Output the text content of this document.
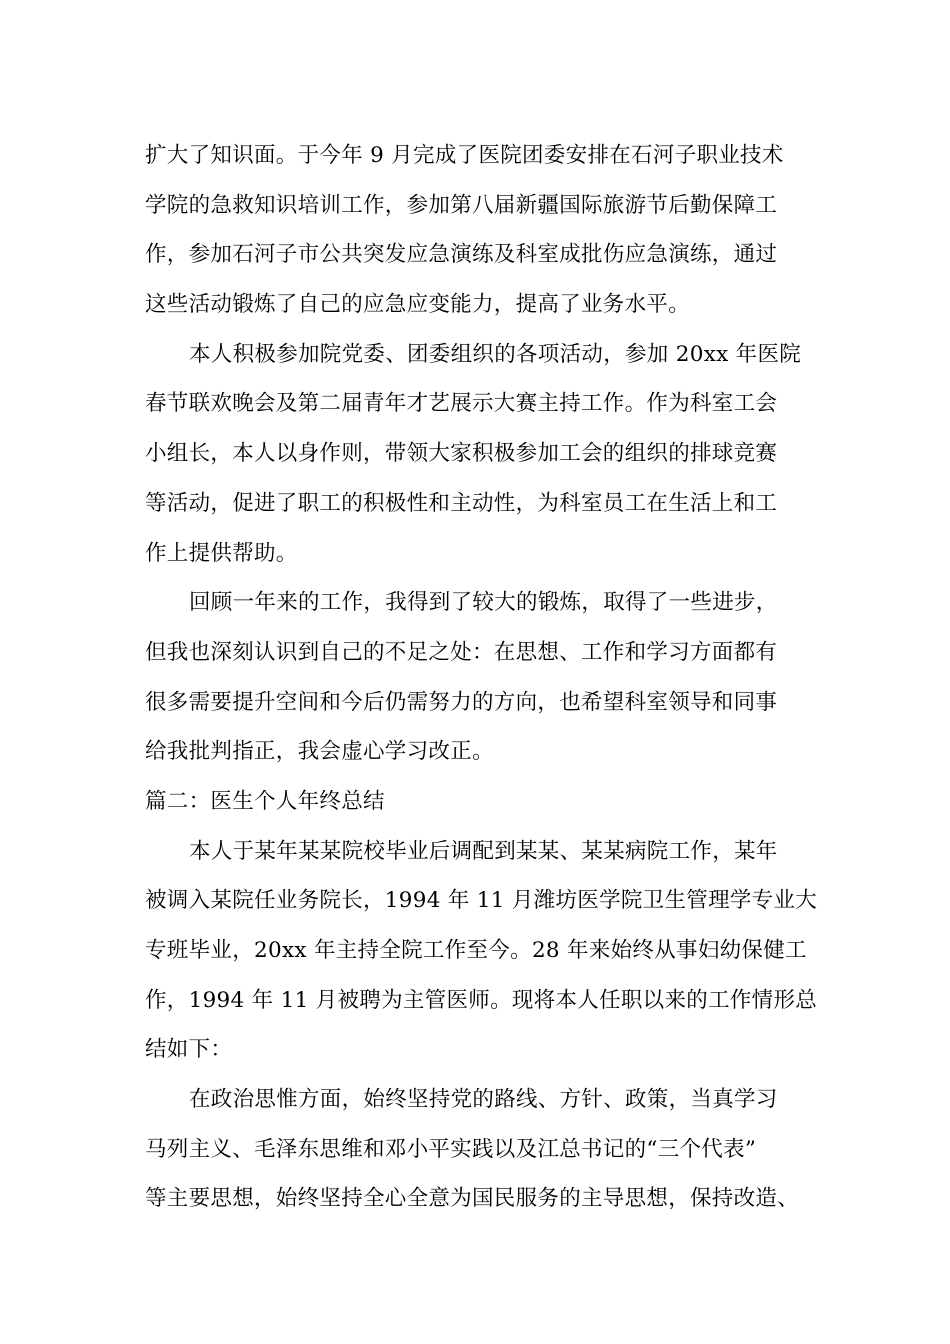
扩大了知识面。于今年 9 月完成了医院团委安排在石河子职业技术
学院的急救知识培训工作，参加第八届新疆国际旅游节后勤保障工
作，参加石河子市公共突发应急演练及科室成批伤应急演练，通过
这些活动锻炼了自己的应急应变能力，提高了业务水平。
本人积极参加院党委、团委组织的各项活动，参加 20xx 年医院
春节联欢晚会及第二届青年才艺展示大赛主持工作。作为科室工会
小组长，本人以身作则，带领大家积极参加工会的组织的排球竞赛
等活动，促进了职工的积极性和主动性，为科室员工在生活上和工
作上提供帮助。
回顾一年来的工作，我得到了较大的锻炼，取得了一些进步，
但我也深刻认识到自己的不足之处：在思想、工作和学习方面都有
很多需要提升空间和今后仍需努力的方向，也希望科室领导和同事
给我批判指正，我会虚心学习改正。
篇二：医生个人年终总结
本人于某年某某院校毕业后调配到某某、某某病院工作，某年
被调入某院任业务院长，1994 年 11 月潍坊医学院卫生管理学专业大
专班毕业，20xx 年主持全院工作至今。28 年来始终从事妇幼保健工
作，1994 年 11 月被聘为主管医师。现将本人任职以来的工作情形总
结如下：
在政治思惟方面，始终坚持党的路线、方针、政策，当真学习
马列主义、毛泽东思维和邓小平实践以及江总书记的“三个代表”
等主要思想，始终坚持全心全意为国民服务的主导思想，保持改造、
